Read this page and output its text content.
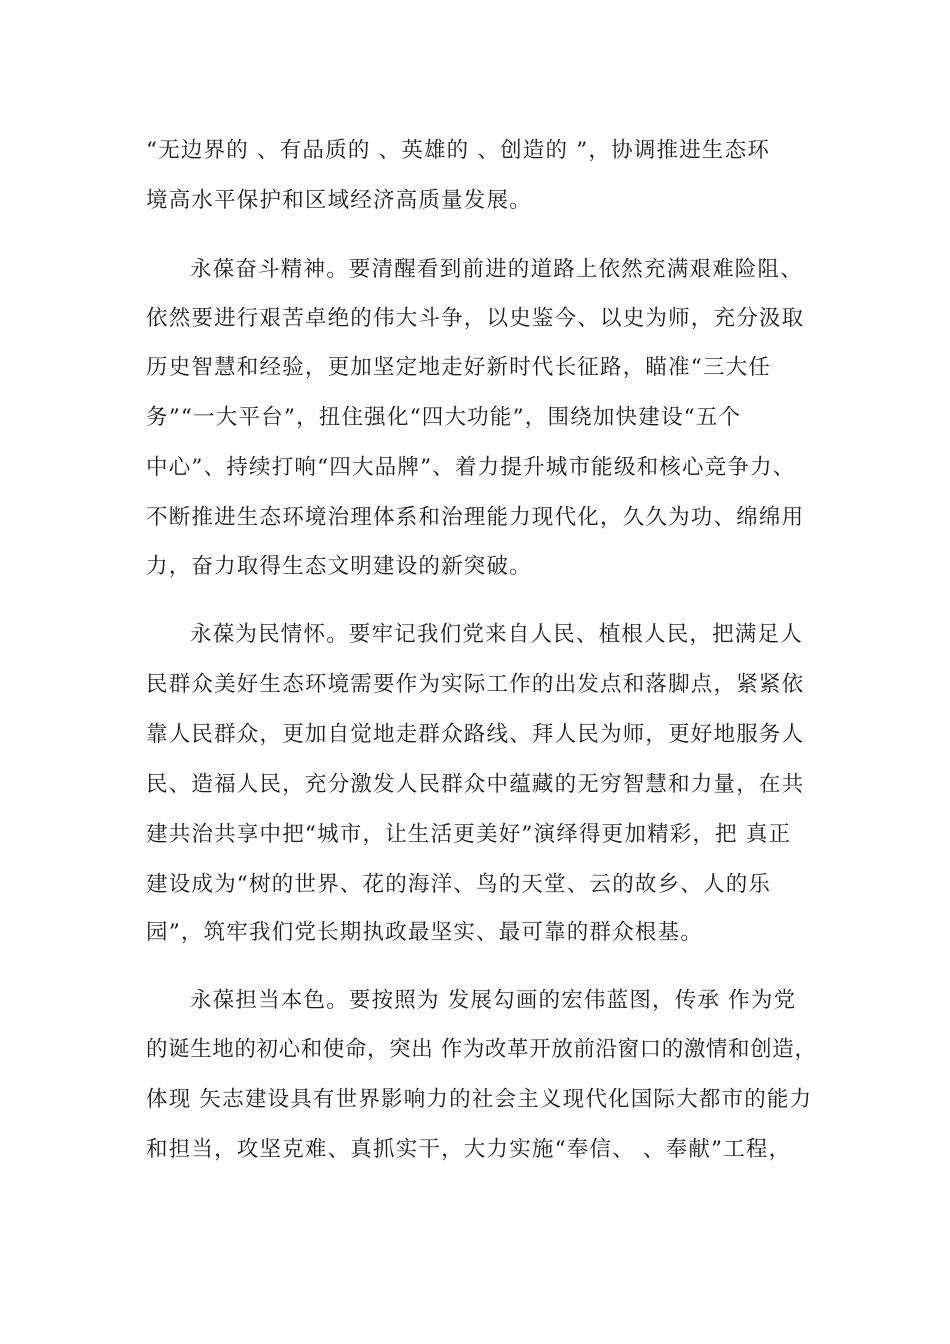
“无边界的 、有品质的 、英雄的 、创造的 ”，协调推进生态环

境高水平保护和区域经济高质量发展。

永葆奋斗精神。要清醒看到前进的道路上依然充满艰难险阻、

依然要进行艰苦卓绝的伟大斗争，以史鉴今、以史为师，充分汲取

历史智慧和经验，更加坚定地走好新时代长征路，瞄准“三大任

务”“一大平台”，扭住强化“四大功能”，围绕加快建设“五个

中心”、持续打响“四大品牌”、着力提升城市能级和核心竞争力、

不断推进生态环境治理体系和治理能力现代化，久久为功、绵绵用

力，奋力取得生态文明建设的新突破。

永葆为民情怀。要牢记我们党来自人民、植根人民，把满足人

民群众美好生态环境需要作为实际工作的出发点和落脚点，紧紧依

靠人民群众，更加自觉地走群众路线、拜人民为师，更好地服务人

民、造福人民，充分激发人民群众中蕴藏的无穷智慧和力量，在共

建共治共享中把“城市，让生活更美好”演绎得更加精彩，把 真正

建设成为“树的世界、花的海洋、鸟的天堂、云的故乡、人的乐

园”，筑牢我们党长期执政最坚实、最可靠的群众根基。

永葆担当本色。要按照为 发展勾画的宏伟蓝图，传承 作为党

的诞生地的初心和使命，突出 作为改革开放前沿窗口的激情和创造，

体现 矢志建设具有世界影响力的社会主义现代化国际大都市的能力

和担当，攻坚克难、真抓实干，大力实施“奉信、 、奉献”工程，
